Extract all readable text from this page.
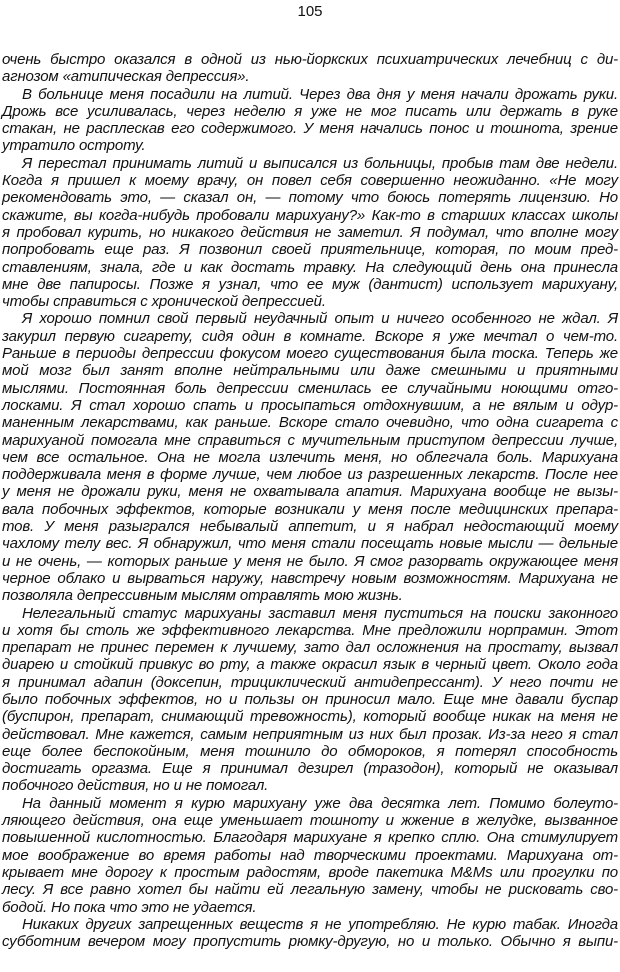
105
очень быстро оказался в одной из нью-йоркских психиатрических лечебниц с ди-
агнозом «атипическая депрессия».
В больнице меня посадили на литий. Через два дня у меня начали дрожать руки.
Дрожь все усиливалась, через неделю я уже не мог писать или держать в руке
стакан, не расплескав его содержимого. У меня начались понос и тошнота, зрение
утратило остроту.
Я перестал принимать литий и выписался из больницы, пробыв там две недели.
Когда я пришел к моему врачу, он повел себя совершенно неожиданно. «Не могу
рекомендовать это, — сказал он, — потому что боюсь потерять лицензию. Но
скажите, вы когда-нибудь пробовали марихуану?» Как-то в старших классах школы
я пробовал курить, но никакого действия не заметил. Я подумал, что вполне могу
попробовать еще раз. Я позвонил своей приятельнице, которая, по моим пред-
ставлениям, знала, где и как достать травку. На следующий день она принесла
мне две папиросы. Позже я узнал, что ее муж (дантист) использует марихуану,
чтобы справиться с хронической депрессией.
Я хорошо помнил свой первый неудачный опыт и ничего особенного не ждал. Я
закурил первую сигарету, сидя один в комнате. Вскоре я уже мечтал о чем-то.
Раньше в периоды депрессии фокусом моего существования была тоска. Теперь же
мой мозг был занят вполне нейтральными или даже смешными и приятными
мыслями. Постоянная боль депрессии сменилась ее случайными ноющими отго-
лосками. Я стал хорошо спать и просыпаться отдохнувшим, а не вялым и одур-
маненным лекарствами, как раньше. Вскоре стало очевидно, что одна сигарета с
марихуаной помогала мне справиться с мучительным приступом депрессии лучше,
чем все остальное. Она не могла излечить меня, но облегчала боль. Марихуана
поддерживала меня в форме лучше, чем любое из разрешенных лекарств. После нее
у меня не дрожали руки, меня не охватывала апатия. Марихуана вообще не вызы-
вала побочных эффектов, которые возникали у меня после медицинских препара-
тов. У меня разыгрался небывалый аппетит, и я набрал недостающий моему
чахлому телу вес. Я обнаружил, что меня стали посещать новые мысли — дельные
и не очень, — которых раньше у меня не было. Я смог разорвать окружающее меня
черное облако и вырваться наружу, навстречу новым возможностям. Марихуана не
позволяла депрессивным мыслям отравлять мою жизнь.
Нелегальный статус марихуаны заставил меня пуститься на поиски законного
и хотя бы столь же эффективного лекарства. Мне предложили норпрамин. Этот
препарат не принес перемен к лучшему, зато дал осложнения на простату, вызвал
диарею и стойкий привкус во рту, а также окрасил язык в черный цвет. Около года
я принимал адапин (доксепин, трициклический антидепрессант). У него почти не
было побочных эффектов, но и пользы он приносил мало. Еще мне давали буспар
(буспирон, препарат, снимающий тревожность), который вообще никак на меня не
действовал. Мне кажется, самым неприятным из них был прозак. Из-за него я стал
еще более беспокойным, меня тошнило до обмороков, я потерял способность
достигать оргазма. Еще я принимал дезирел (тразодон), который не оказывал
побочного действия, но и не помогал.
На данный момент я курю марихуану уже два десятка лет. Помимо болеуто-
ляющего действия, она еще уменьшает тошноту и жжение в желудке, вызванное
повышенной кислотностью. Благодаря марихуане я крепко сплю. Она стимулирует
мое воображение во время работы над творческими проектами. Марихуана от-
крывает мне дорогу к простым радостям, вроде пакетика M&Ms или прогулки по
лесу. Я все равно хотел бы найти ей легальную замену, чтобы не рисковать сво-
бодой. Но пока что это не удается.
Никаких других запрещенных веществ я не употребляю. Не курю табак. Иногда
субботним вечером могу пропустить рюмку-другую, но и только. Обычно я выпи-
